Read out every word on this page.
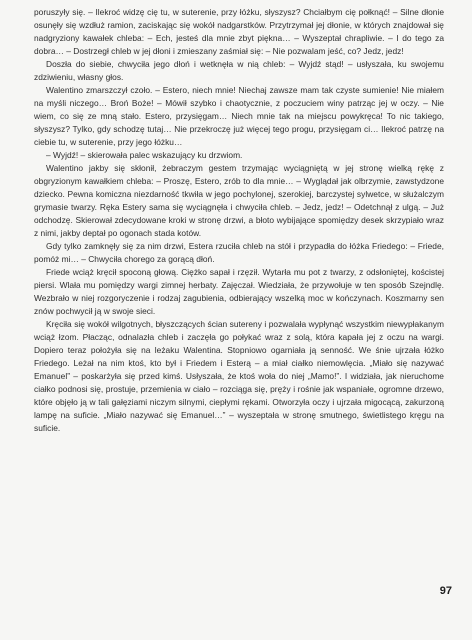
poruszyły się. – Ilekroć widzę cię tu, w suterenie, przy łóżku, słyszysz? Chciałbym cię połknąć! – Silne dłonie osunęły się wzdłuż ramion, zaciskając się wokół nadgarstków. Przytrzymał jej dłonie, w których znajdował się nadgryziony kawałek chleba: – Ech, jesteś dla mnie zbyt piękna… – Wyszeptał chrapliwie. – I do tego za dobra… – Dostrzegł chleb w jej dłoni i zmieszany zaśmiał się: – Nie pozwalam jeść, co? Jedz, jedz!

Doszła do siebie, chwyciła jego dłoń i wetknęła w nią chleb: – Wyjdź stąd! – usłyszała, ku swojemu zdziwieniu, własny głos.

Walentino zmarszczył czoło. – Estero, niech mnie! Niechaj zawsze mam tak czyste sumienie! Nie miałem na myśli niczego… Broń Boże! – Mówił szybko i chaotycznie, z poczuciem winy patrząc jej w oczy. – Nie wiem, co się ze mną stało. Estero, przysięgam… Niech mnie tak na miejscu powykręca! To nic takiego, słyszysz? Tylko, gdy schodzę tutaj… Nie przekroczę już więcej tego progu, przysięgam ci… Ilekroć patrzę na ciebie tu, w suterenie, przy jego łóżku…

– Wyjdź! – skierowała palec wskazujący ku drzwiom.

Walentino jakby się skłonił, żebraczym gestem trzymając wyciągniętą w jej stronę wielką rękę z obgryzionym kawałkiem chleba: – Proszę, Estero, zrób to dla mnie… – Wyglądał jak olbrzymie, zawstydzone dziecko. Pewna komiczna niezdarność tkwiła w jego pochylonej, szerokiej, barczystej sylwetce, w służalczym grymasie twarzy. Ręka Estery sama się wyciągnęła i chwyciła chleb. – Jedz, jedz! – Odetchnął z ulgą. – Już odchodzę. Skierował zdecydowane kroki w stronę drzwi, a błoto wybijające spomiędzy desek skrzypiało wraz z nimi, jakby deptał po ogonach stada kotów.

Gdy tylko zamknęły się za nim drzwi, Estera rzuciła chleb na stół i przypadła do łóżka Friedego: – Friede, pomóż mi… – Chwyciła chorego za gorącą dłoń.

Friede wciąż kręcił spoconą głową. Ciężko sapał i rzęził. Wytarła mu pot z twarzy, z odsłoniętej, kościstej piersi. Wlała mu pomiędzy wargi zimnej herbaty. Zajęczał. Wiedziała, że przywołuje w ten sposób Szejndlę. Wezbrało w niej rozgoryczenie i rodzaj zagubienia, odbierający wszelką moc w kończynach. Koszmarny sen znów pochwycił ją w swoje sieci.

Kręciła się wokół wilgotnych, błyszczących ścian sutereny i pozwalała wypłynąć wszystkim niewypłakanym wciąż łzom. Płacząc, odnalazła chleb i zaczęła go połykać wraz z solą, która kapała jej z oczu na wargi. Dopiero teraz położyła się na leżaku Walentina. Stopniowo ogarniała ją senność. We śnie ujrzała łóżko Friedego. Leżał na nim ktoś, kto był i Friedem i Esterą – a miał ciałko niemowlęcia. „Miało się nazywać Emanuel” – poskarżyła się przed kimś. Usłyszała, że ktoś woła do niej „Mamo!”. I widziała, jak nieruchome ciałko podnosi się, prostuje, przemienia w ciało – rozciąga się, pręży i rośnie jak wspaniałe, ogromne drzewo, które objęło ją w tali gałęziami niczym silnymi, ciepłymi rękami. Otworzyła oczy i ujrzała migocącą, zakurzoną lampę na suficie. „Miało nazywać się Emanuel…” – wyszeptała w stronę smutnego, świetlistego kręgu na suficie.

97
